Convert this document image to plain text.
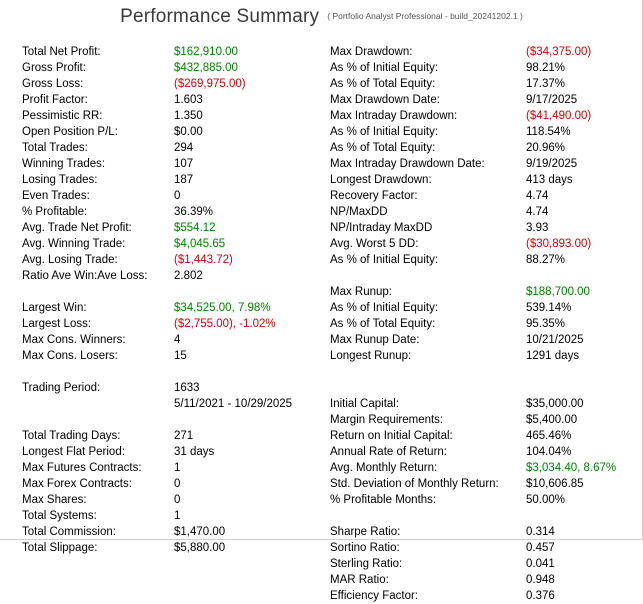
Performance Summary ( Portfolio Analyst Professional - build_20241202.1 )
Total Net Profit:	$162,910.00
Gross Profit:	$432,885.00
Gross Loss:	($269,975.00)
Profit Factor:	1.603
Pessimistic RR:	1.350
Open Position P/L:	$0.00
Total Trades:	294
Winning Trades:	107
Losing Trades:	187
Even Trades:	0
% Profitable:	36.39%
Avg. Trade Net Profit:	$554.12
Avg. Winning Trade:	$4,045.65
Avg. Losing Trade:	($1,443.72)
Ratio Ave Win:Ave Loss:	2.802
Largest Win:	$34,525.00, 7.98%
Largest Loss:	($2,755.00), -1.02%
Max Cons. Winners:	4
Max Cons. Losers:	15
Trading Period:	1633
5/11/2021 - 10/29/2025
Total Trading Days:	271
Longest Flat Period:	31 days
Max Futures Contracts:	1
Max Forex Contracts:	0
Max Shares:	0
Total Systems:	1
Total Commission:	$1,470.00
Total Slippage:	$5,880.00
Max Drawdown:	($34,375.00)
As % of Initial Equity:	98.21%
As % of Total Equity:	17.37%
Max Drawdown Date:	9/17/2025
Max Intraday Drawdown:	($41,490.00)
As % of Initial Equity:	118.54%
As % of Total Equity:	20.96%
Max Intraday Drawdown Date:	9/19/2025
Longest Drawdown:	413 days
Recovery Factor:	4.74
NP/MaxDD	4.74
NP/Intraday MaxDD	3.93
Avg. Worst 5 DD:	($30,893.00)
As % of Initial Equity:	88.27%
Max Runup:	$188,700.00
As % of Initial Equity:	539.14%
As % of Total Equity:	95.35%
Max Runup Date:	10/21/2025
Longest Runup:	1291 days
Initial Capital:	$35,000.00
Margin Requirements:	$5,400.00
Return on Initial Capital:	465.46%
Annual Rate of Return:	104.04%
Avg. Monthly Return:	$3,034.40, 8.67%
Std. Deviation of Monthly Return:	$10,606.85
% Profitable Months:	50.00%
Sharpe Ratio:	0.314
Sortino Ratio:	0.457
Sterling Ratio:	0.041
MAR Ratio:	0.948
Efficiency Factor:	0.376
